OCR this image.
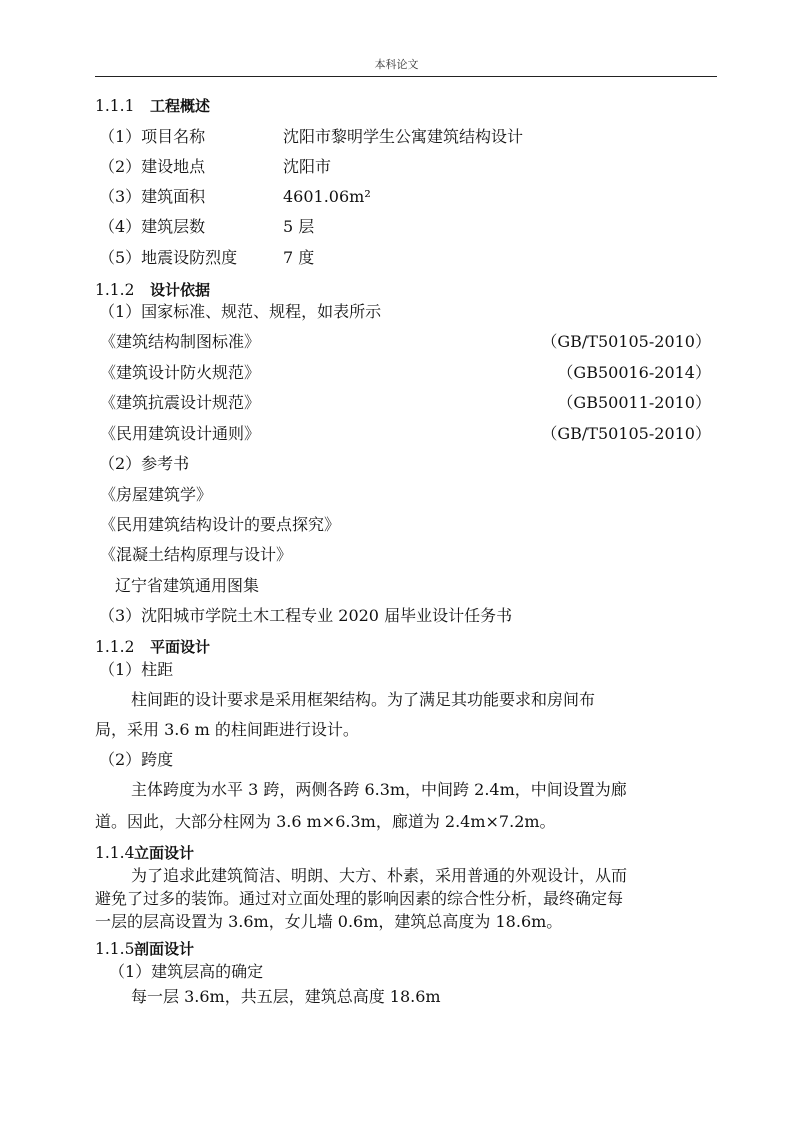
本科论文
1.1.1 工程概述
（1）项目名称	沈阳市黎明学生公寓建筑结构设计
（2）建设地点	沈阳市
（3）建筑面积	4601.06m²
（4）建筑层数	5 层
（5）地震设防烈度	7 度
1.1.2 设计依据
（1）国家标准、规范、规程，如表所示
《建筑结构制图标准》	（GB/T50105-2010）
《建筑设计防火规范》	（GB50016-2014）
《建筑抗震设计规范》	（GB50011-2010）
《民用建筑设计通则》	（GB/T50105-2010）
（2）参考书
《房屋建筑学》
《民用建筑结构设计的要点探究》
《混凝土结构原理与设计》
辽宁省建筑通用图集
（3）沈阳城市学院土木工程专业 2020 届毕业设计任务书
1.1.2 平面设计
（1）柱距
柱间距的设计要求是采用框架结构。为了满足其功能要求和房间布
局，采用 3.6 m 的柱间距进行设计。
（2）跨度
主体跨度为水平 3 跨，两侧各跨 6.3m，中间跨 2.4m，中间设置为廊
道。因此，大部分柱网为 3.6 m×6.3m，廊道为 2.4m×7.2m。
1.1.4立面设计
为了追求此建筑简洁、明朗、大方、朴素，采用普通的外观设计，从而
避免了过多的装饰。通过对立面处理的影响因素的综合性分析，最终确定每
一层的层高设置为 3.6m，女儿墙 0.6m，建筑总高度为 18.6m。
1.1.5剖面设计
（1）建筑层高的确定
每一层 3.6m，共五层，建筑总高度 18.6m
